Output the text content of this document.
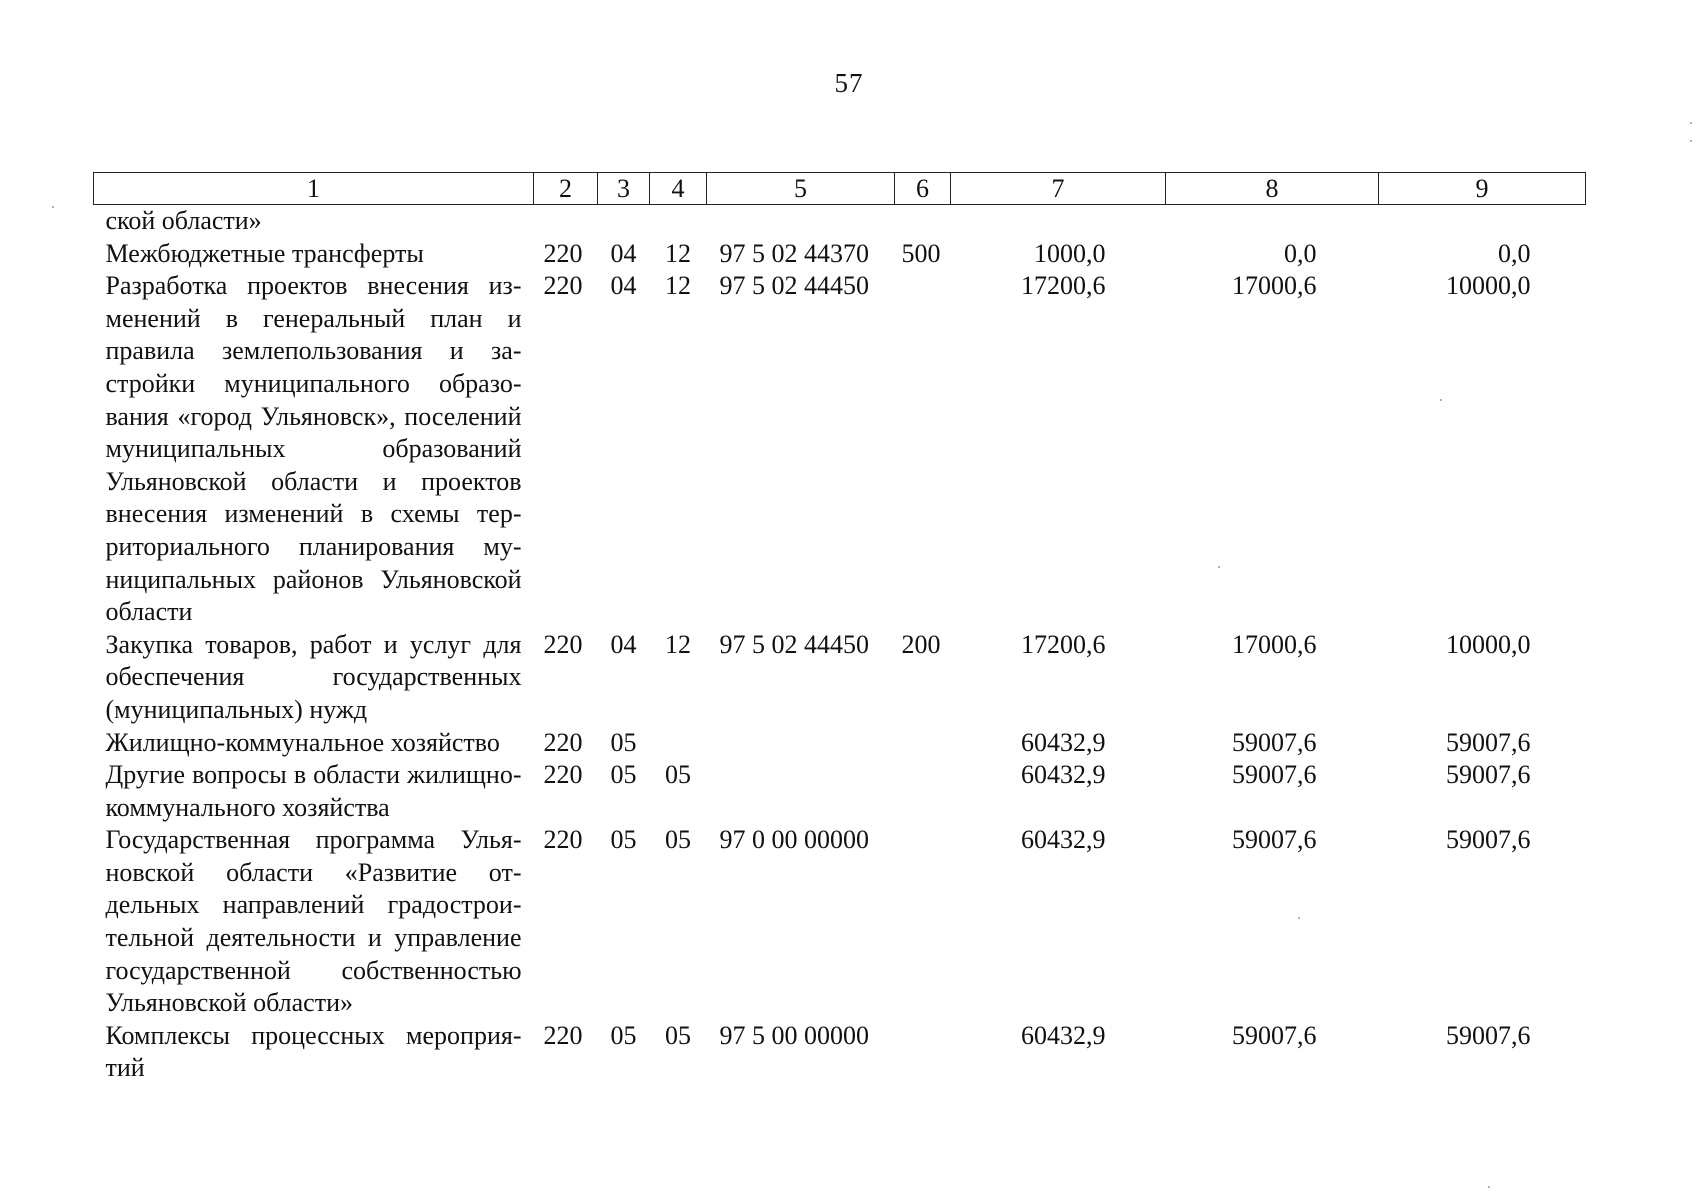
57
1	2	3	4	5	6	7	8	9
ской области»								
Межбюджетные трансферты	220	04	12	97 5 02 44370	500	1000,0	0,0	0,0
Разработка проектов внесения изменений в генеральный план и правила землепользования и застройки муниципального образования «город Ульяновск», поселений муниципальных образований Ульяновской области и проектов внесения изменений в схемы территориального планирования муниципальных районов Ульяновской области	220	04	12	97 5 02 44450		17200,6	17000,6	10000,0
Закупка товаров, работ и услуг для обеспечения государственных (муниципальных) нужд	220	04	12	97 5 02 44450	200	17200,6	17000,6	10000,0
Жилищно-коммунальное хозяйство	220	05				60432,9	59007,6	59007,6
Другие вопросы в области жилищно-коммунального хозяйства	220	05	05			60432,9	59007,6	59007,6
Государственная программа Ульяновской области «Развитие отдельных направлений градостроительной деятельности и управление государственной собственностью Ульяновской области»	220	05	05	97 0 00 00000		60432,9	59007,6	59007,6
Комплексы процессных мероприятий	220	05	05	97 5 00 00000		60432,9	59007,6	59007,6
